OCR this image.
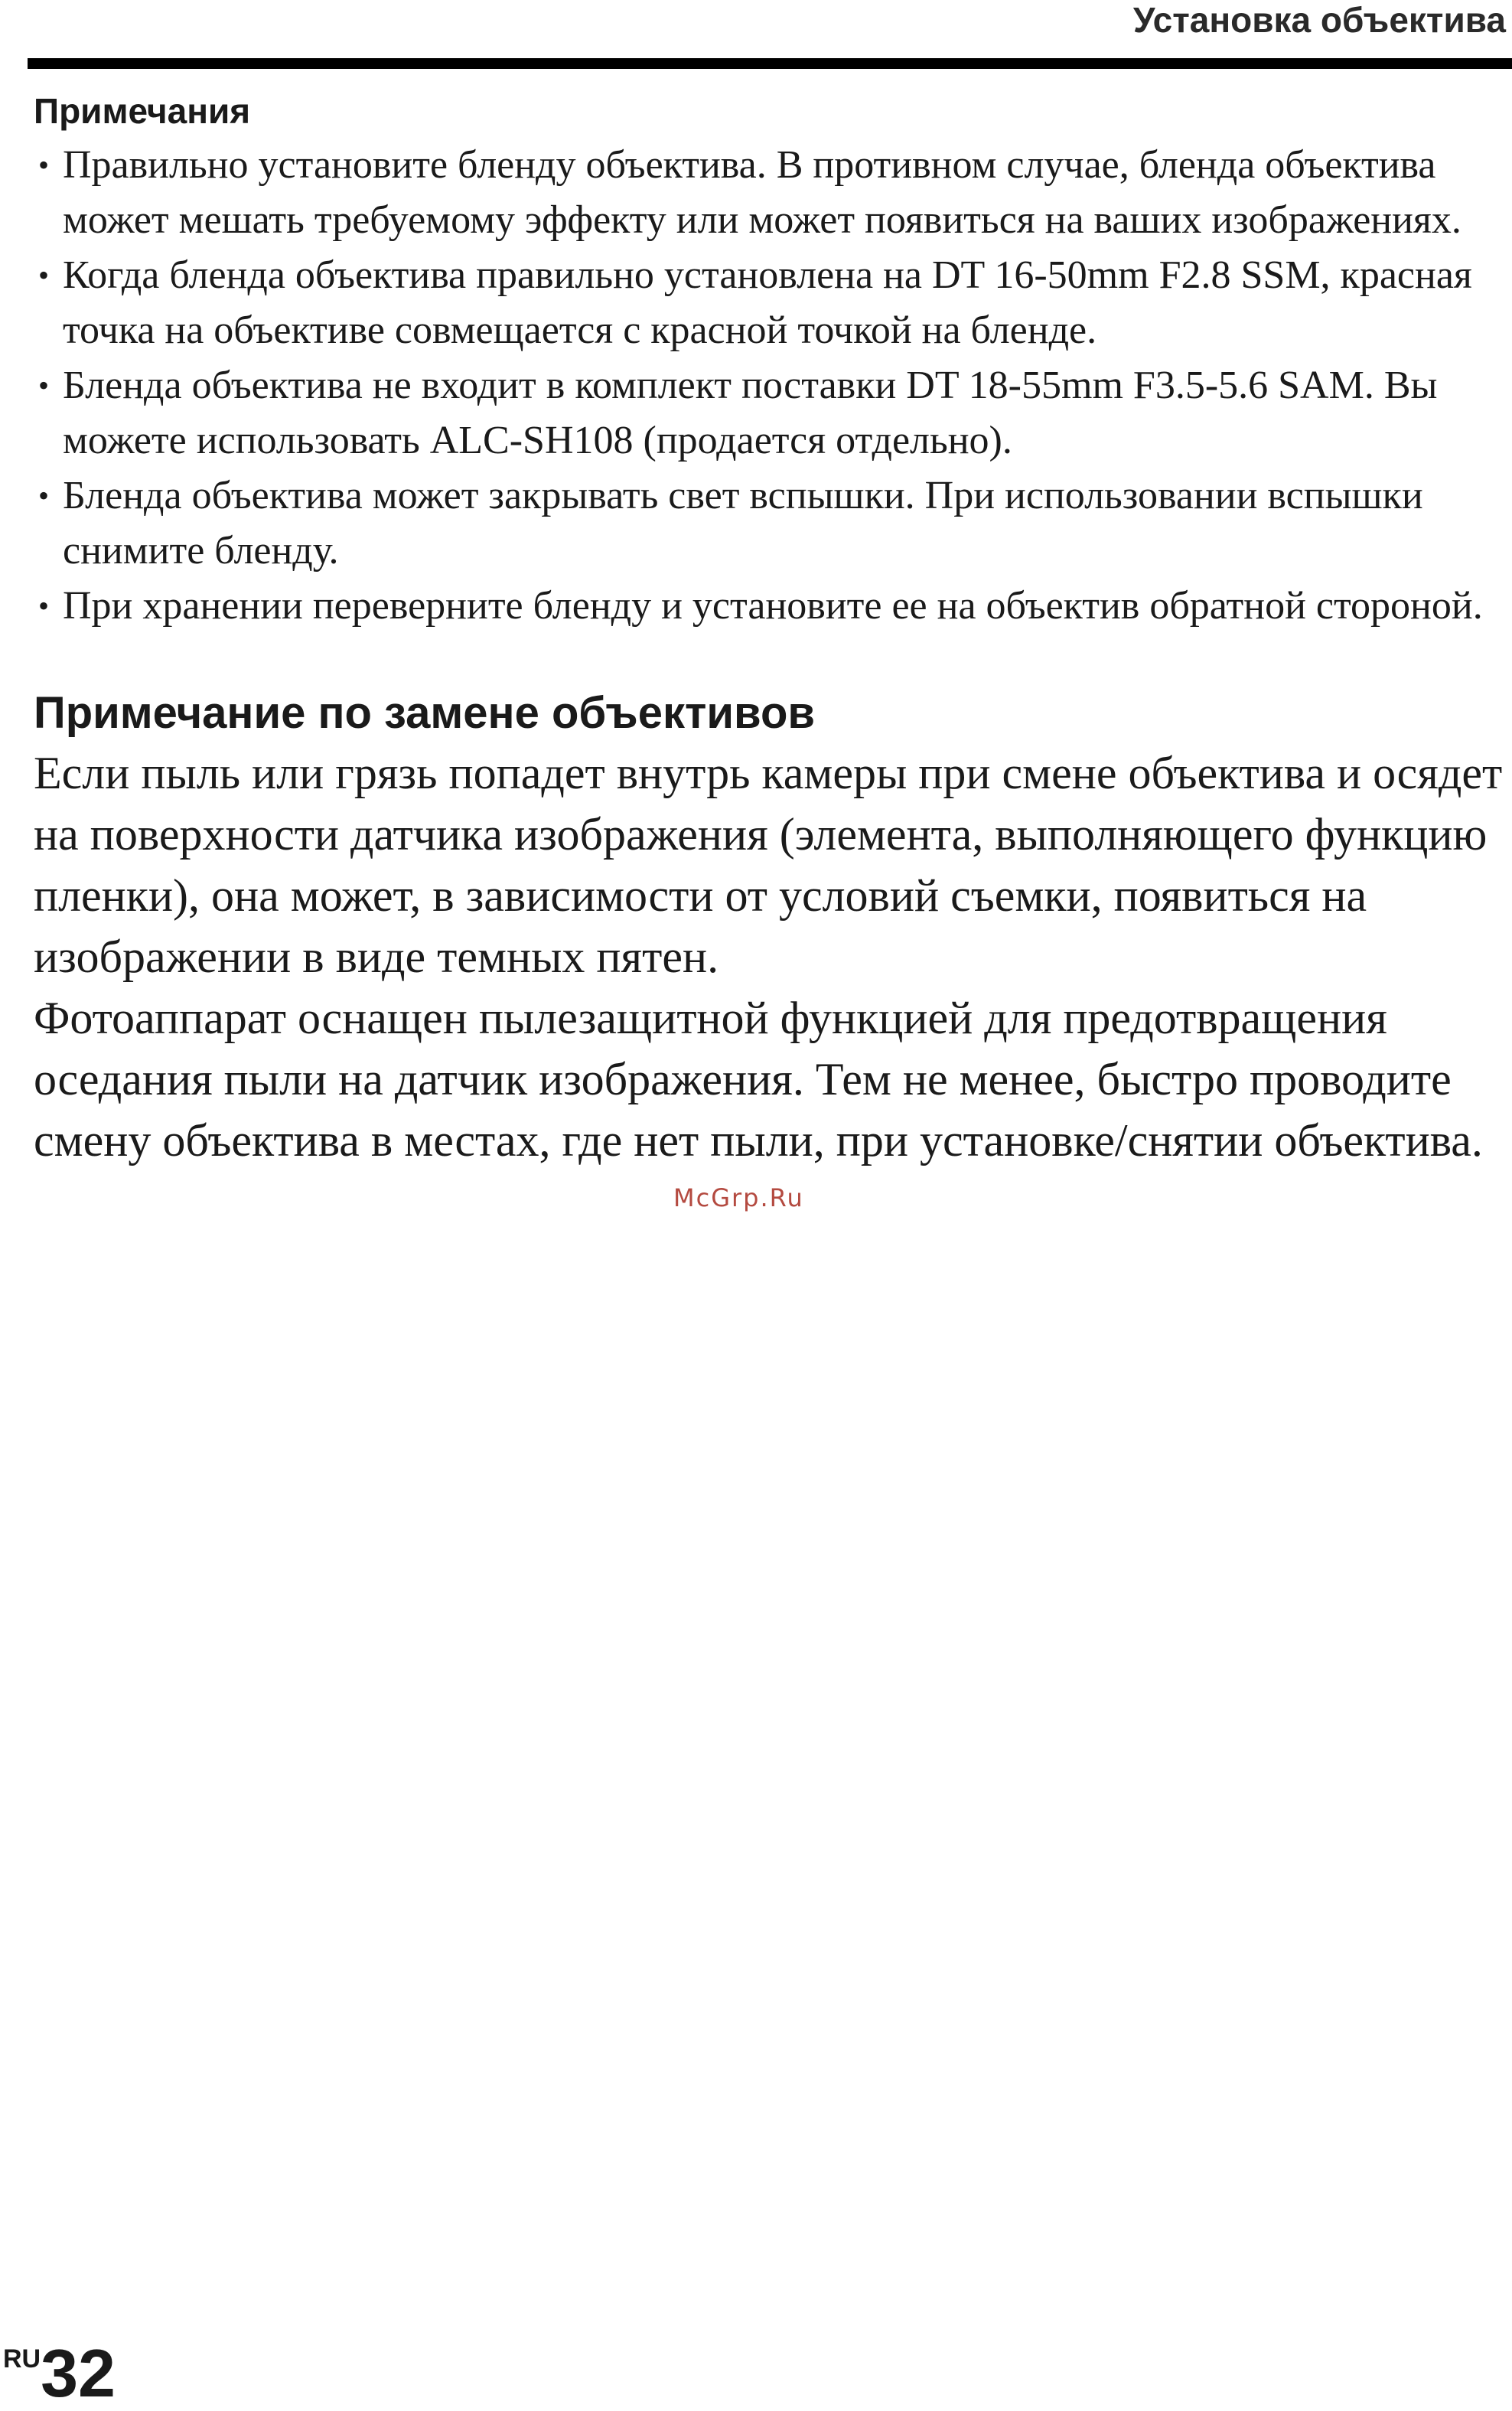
Установка объектива
Примечания
• Правильно установите бленду объектива. В противном случае, бленда объектива может мешать требуемому эффекту или может появиться на ваших изображениях.
• Когда бленда объектива правильно установлена на DT 16-50mm F2.8 SSM, красная точка на объективе совмещается с красной точкой на бленде.
• Бленда объектива не входит в комплект поставки DT 18-55mm F3.5-5.6 SAM. Вы можете использовать ALC-SH108 (продается отдельно).
• Бленда объектива может закрывать свет вспышки. При использовании вспышки снимите бленду.
• При хранении переверните бленду и установите ее на объектив обратной стороной.
Примечание по замене объективов

Если пыль или грязь попадет внутрь камеры при смене объектива и осядет на поверхности датчика изображения (элемента, выполняющего функцию пленки), она может, в зависимости от условий съемки, появиться на изображении в виде темных пятен.

Фотоаппарат оснащен пылезащитной функцией для предотвращения оседания пыли на датчик изображения. Тем не менее, быстро проводите смену объектива в местах, где нет пыли, при установке/снятии объектива.

McGrp.Ru
RU32
